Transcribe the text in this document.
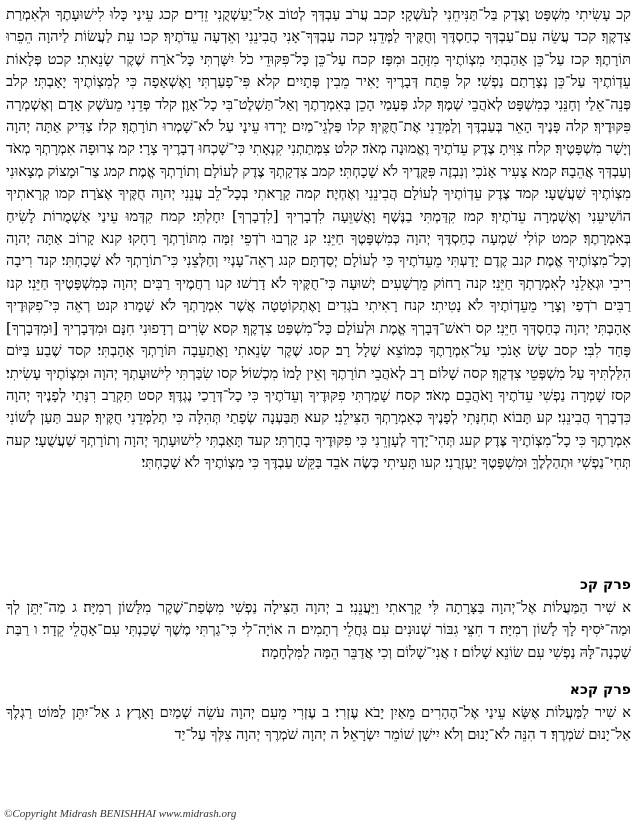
קכ עָשִׂיתִי מִשְׁפָּט וָצֶדֶק בַּל־תַּנִּיחֵנִי לְעֹשְׁקָי׃ קכב עֲרֹב עַבְדְּךָ לְטוֹב אַל־יַעַשְׁקֻנִי זֵדִים׃ קכג עֵינַי כָּלוּ לִישׁוּעָתֶךָ וּלְאִמְרַת צִדְקֶךָ׃ קכד עֲשֵׂה עִם־עַבְדְּךָ כְחַסְדֶּךָ וְחֻקֶּיךָ לַמְּדֵנִי׃ קכה עַבְדְּךָ־אָנִי הֲבִינֵנִי וְאֵדְעָה עֵדֹתֶיךָ׃ קכו עֵת לַעֲשׂוֹת לַיהוָה הֵפֵרוּ תּוֹרָתֶךָ׃ קכז עַל־כֵּן אָהַבְתִּי מִצְוֹתֶיךָ מִזָּהָב וּמִפָּז׃ קכח עַל־כֵּן כָּל־פִּקּוּדֵי כֹל יִשָּׁרְתִּי כָּל־אֹרַח שֶׁקֶר שָׂנֵאתִי׃ קכט פְּלָאוֹת עֵדְוֹתֶיךָ עַל־כֵּן נְצָרָתַם נַפְשִׁי׃ קל פֵּתַח דְּבָרֶיךָ יָאִיר מֵבִין פְּתָיִים׃ קלא פִּי־פָעַרְתִּי וָאֶשְׁאָפָה כִּי לְמִצְוֹתֶיךָ יָאָבְתִּי׃ קלב פְּנֵה־אֵלַי וְחָנֵּנִי כְּמִשְׁפָּט לְאֹהֲבֵי שְׁמֶךָ׃ קלג פְּעָמַי הָכֵן בְּאִמְרָתֶךָ וְאַל־תַּשְׁלֶט־בִּי כָל־אָוֶן׃ קלד פְּדֵנִי מֵעֹשֶׁק אָדָם וְאֶשְׁמְרָה פִּקּוּדֶיךָ׃ קלה פָּנֶיךָ הָאֵר בְּעַבְדֶּךָ וְלַמְּדֵנִי אֶת־חֻקֶּיךָ׃ קלו פַּלְגֵי־מַיִם יָרְדוּ עֵינָי עַל לֹא־שָׁמְרוּ תוֹרָתֶךָ׃ קלז צַדִּיק אַתָּה יְהוָה וְיָשָׁר מִשְׁפָּטֶיךָ׃ קלח צִוִּיתָ צֶדֶק עֵדֹתֶיךָ וֶאֱמוּנָה מְאֹד׃ קלט צִמְּתַתְנִי קִנְאָתִי כִּי־שָׁכְחוּ דְבָרֶיךָ צָרָי׃ קמ צְרוּפָה אִמְרָתְךָ מְאֹד וְעַבְדְּךָ אֲהֵבָהּ׃ קמא צָעִיר אָנֹכִי וְנִבְזֶה פִּקֻּדֶיךָ לֹא שָׁכָחְתִּי׃ קמב צִדְקָתְךָ צֶדֶק לְעוֹלָם וְתוֹרָתְךָ אֱמֶת׃ קמג צַר־וּמָצוֹק מְצָאוּנִי מִצְוֹתֶיךָ שַׁעֲשֻׁעָי׃ קמד צֶדֶק עֵדְוֹתֶיךָ לְעוֹלָם הֲבִינֵנִי וְאֶחְיֶה׃ קמה קָרָאתִי בְכָל־לֵב עֲנֵנִי יְהוָה חֻקֶּיךָ אֶצֹּרָה׃ קמו קְרָאתִיךָ הוֹשִׁיעֵנִי וְאֶשְׁמְרָה עֵדֹתֶיךָ׃ קמז קִדַּמְתִּי בַנֶּשֶׁף וָאֲשַׁוֵּעָה לִדְבָרְיךָ [לִדְבָרְךָ] יִחָלְתִּי׃ קמח קִדְּמוּ עֵינַי אַשְׁמֻרוֹת לָשִׂיחַ בְּאִמְרָתֶךָ׃ קמט קוֹלִי שִׁמְעָה כְחַסְדֶּךָ יְהוָה כְּמִשְׁפָּטֶךָ חַיֵּנִי׃ קנ קָרְבוּ רֹדְפֵי זִמָּה מִתּוֹרָתְךָ רָחָקוּ׃ קנא קָרוֹב אַתָּה יְהוָה וְכָל־מִצְוֹתֶיךָ אֱמֶת׃ קנב קֶדֶם יָדַעְתִּי מֵעֵדֹתֶיךָ כִּי לְעוֹלָם יְסַדְתָּם׃ קנג רְאֵה־עָנְיִי וְחַלְּצֵנִי כִּי־תוֹרָתְךָ לֹא שָׁכָחְתִּי׃ קנד רִיבָה רִיבִי וּגְאָלֵנִי לְאִמְרָתְךָ חַיֵּנִי׃ קנה רָחוֹק מֵרְשָׁעִים יְשׁוּעָה כִּי־חֻקֶּיךָ לֹא דָרָשׁוּ׃ קנו רַחֲמֶיךָ רַבִּים יְהוָה כְּמִשְׁפָּטֶיךָ חַיֵּנִי׃ קנז רַבִּים רֹדְפַי וְצָרָי מֵעֵדְוֹתֶיךָ לֹא נָטִיתִי׃ קנח רָאִיתִי בֹגְדִים וָאֶתְקוֹטָטָה אֲשֶׁר אִמְרָתְךָ לֹא שָׁמָרוּ׃ קנט רְאֵה כִּי־פִקּוּדֶיךָ אָהָבְתִּי יְהוָה כְּחַסְדְּךָ חַיֵּנִי׃ קס רֹאשׁ־דְּבָרְךָ אֱמֶת וּלְעוֹלָם כָּל־מִשְׁפַּט צִדְקֶךָ׃ קסא שָׂרִים רְדָפוּנִי חִנָּם וּמִדְּבָרְיךָ [וּמִדְּבָרְךָ] פָּחַד לִבִּי׃ קסב שָׂשׂ אָנֹכִי עַל־אִמְרָתֶךָ כְּמוֹצֵא שָׁלָל רָב׃ קסג שֶׁקֶר שָׂנֵאתִי וָאֲתַעֵבָה תּוֹרָתְךָ אָהָבְתִּי׃ קסד שֶׁבַע בַּיּוֹם הִלַּלְתִּיךָ עַל מִשְׁפְּטֵי צִדְקֶךָ׃ קסה שָׁלוֹם רָב לְאֹהֲבֵי תוֹרָתֶךָ וְאֵין לָמוֹ מִכְשׁוֹל׃ קסו שִׂבַּרְתִּי לִישׁוּעָתְךָ יְהוָה וּמִצְוֹתֶיךָ עָשִׂיתִי׃ קסז שָׁמְרָה נַפְשִׁי עֵדֹתֶיךָ וָאֹהֲבֵם מְאֹד׃ קסח שָׁמַרְתִּי פִקּוּדֶיךָ וְעֵדֹתֶיךָ כִּי כָל־דְּרָכַי נֶגְדֶּךָ׃ קסט תִּקְרַב רִנָּתִי לְפָנֶיךָ יְהוָה כִּדְבָרְךָ הֲבִינֵנִי׃ קע תָּבוֹא תְחִנָּתִי לְפָנֶיךָ כְּאִמְרָתְךָ הַצִּילֵנִי׃ קעא תַּבַּעְנָה שְׂפָתַי תְּהִלָּה כִּי תְלַמְּדֵנִי חֻקֶּיךָ׃ קעב תַּעַן לְשׁוֹנִי אִמְרָתֶךָ כִּי כָל־מִצְוֹתֶיךָ צֶּדֶק׃ קעג תְּהִי־יָדְךָ לְעָזְרֵנִי כִּי פִקּוּדֶיךָ בָחָרְתִּי׃ קעד תָּאַבְתִּי לִישׁוּעָתְךָ יְהוָה וְתוֹרָתְךָ שַׁעֲשֻׁעָי׃ קעה תְּחִי־נַפְשִׁי וּתְהַלְלֶךָּ וּמִשְׁפָּטֶךָ יַעְזְרֻנִי׃ קעו תָּעִיתִי כְּשֶׂה אֹבֵד בַּקֵּשׁ עַבְדֶּךָ כִּי מִצְוֹתֶיךָ לֹא שָׁכָחְתִּי׃

פרק קכ

א שִׁיר הַמַּעֲלוֹת אֶל־יְהוָה בַּצָּרָתָה לִּי קָרָאתִי וַיַּעֲנֵנִי׃ ב יְהוָה הַצִּילָה נַפְשִׁי מִשְּׂפַת־שֶׁקֶר מִלָּשׁוֹן רְמִיָּה׃ ג מַה־יִּתֵּן לְךָ וּמַה־יֹּסִיף לָךְ לָשׁוֹן רְמִיָּה׃ ד חִצֵּי גִבּוֹר שְׁנוּנִים עִם גַּחֲלֵי רְתָמִים׃ ה אוֹיָה־לִי כִּי־גַרְתִּי מֶשֶׁךְ שָׁכַנְתִּי עִם־אָהֳלֵי קֵדָר׃ ו רַבַּת שָׁכְנָה־לָּהּ נַפְשִׁי עִם שׂוֹנֵא שָׁלוֹם׃ ז אֲנִי־שָׁלוֹם וְכִי אֲדַבֵּר הֵמָּה לַמִּלְחָמָה׃

פרק קכא

א שִׁיר לַמַּעֲלוֹת אֶשָּׂא עֵינַי אֶל־הֶהָרִים מֵאַיִן יָבֹא עֶזְרִי׃ ב עֶזְרִי מֵעִם יְהוָה עֹשֵׂה שָׁמַיִם וָאָרֶץ׃ ג אַל־יִתֵּן לַמּוֹט רַגְלֶךָ אַל־יָנוּם שֹׁמְרֶךָ׃ ד הִנֵּה לֹא־יָנוּם וְלֹא יִישָׁן שׁוֹמֵר יִשְׂרָאֵל׃ ה יְהוָה שֹׁמְרֶךָ יְהוָה צִלְּךָ עַל־יַד

©Copyright Midrash BENISHHAI www.midrash.org
